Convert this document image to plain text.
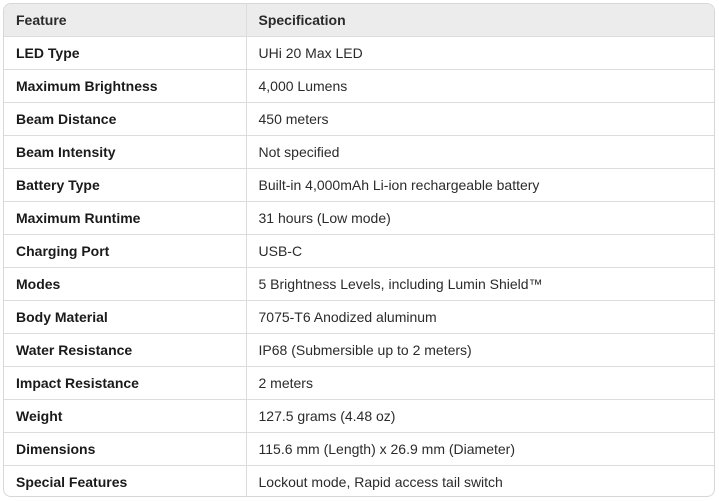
Feature	Specification
LED Type	UHi 20 Max LED
Maximum Brightness	4,000 Lumens
Beam Distance	450 meters
Beam Intensity	Not specified
Battery Type	Built-in 4,000mAh Li-ion rechargeable battery
Maximum Runtime	31 hours (Low mode)
Charging Port	USB-C
Modes	5 Brightness Levels, including Lumin Shield™
Body Material	7075-T6 Anodized aluminum
Water Resistance	IP68 (Submersible up to 2 meters)
Impact Resistance	2 meters
Weight	127.5 grams (4.48 oz)
Dimensions	115.6 mm (Length) x 26.9 mm (Diameter)
Special Features	Lockout mode, Rapid access tail switch
